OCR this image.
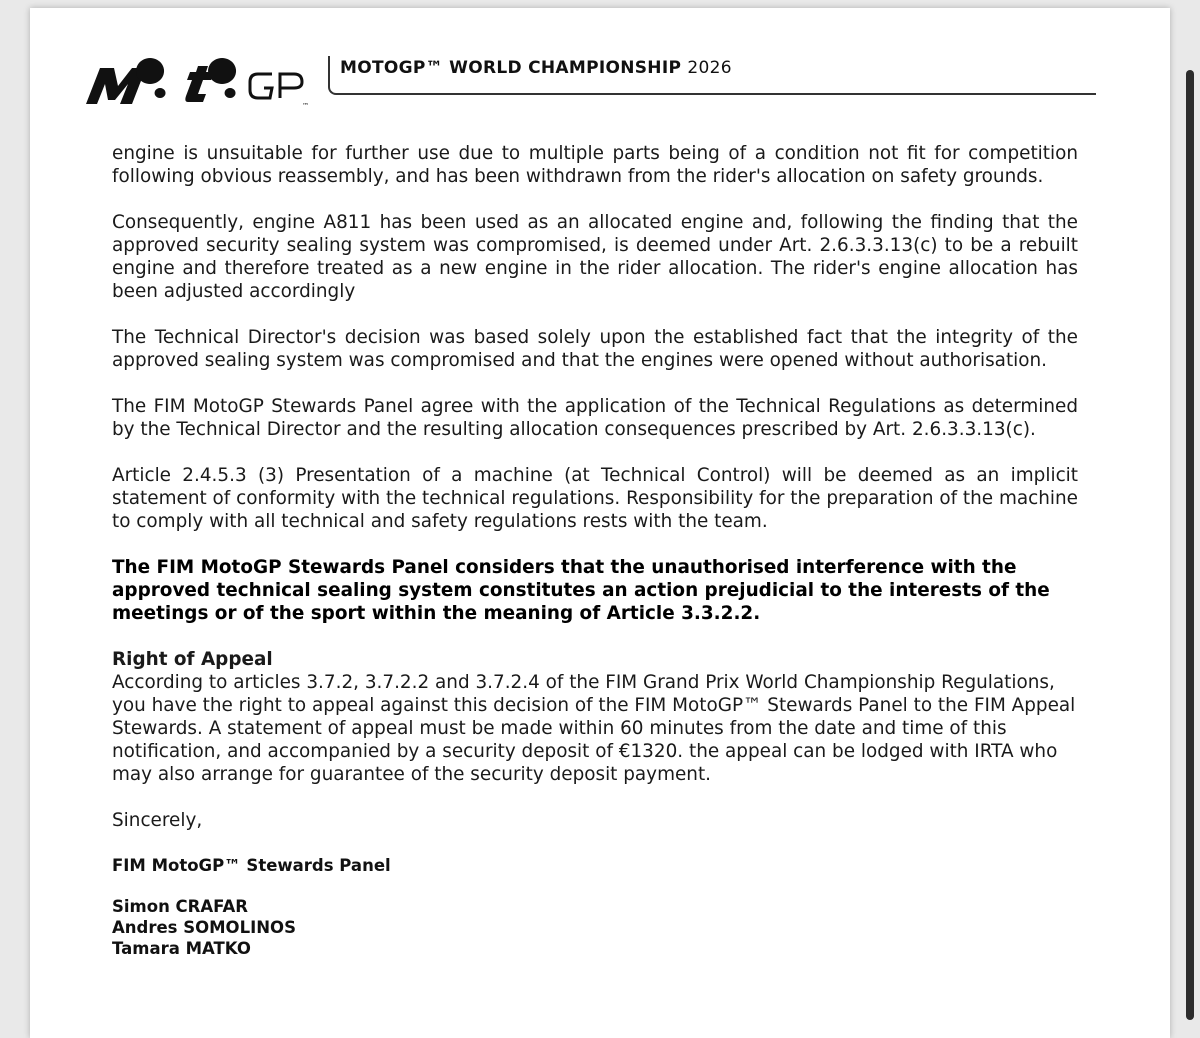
™
MOTOGP™ WORLD CHAMPIONSHIP 2026

engine is unsuitable for further use due to multiple parts being of a condition not fit for competition following obvious reassembly, and has been withdrawn from the rider's allocation on safety grounds.

Consequently, engine A811 has been used as an allocated engine and, following the finding that the approved security sealing system was compromised, is deemed under Art. 2.6.3.3.13(c) to be a rebuilt engine and therefore treated as a new engine in the rider allocation. The rider's engine allocation has been adjusted accordingly

The Technical Director's decision was based solely upon the established fact that the integrity of the approved sealing system was compromised and that the engines were opened without authorisation.

The FIM MotoGP Stewards Panel agree with the application of the Technical Regulations as determined by the Technical Director and the resulting allocation consequences prescribed by Art. 2.6.3.3.13(c).

Article 2.4.5.3 (3) Presentation of a machine (at Technical Control) will be deemed as an implicit statement of conformity with the technical regulations. Responsibility for the preparation of the machine to comply with all technical and safety regulations rests with the team.

The FIM MotoGP Stewards Panel considers that the unauthorised interference with the approved technical sealing system constitutes an action prejudicial to the interests of the meetings or of the sport within the meaning of Article 3.3.2.2.

Right of Appeal
According to articles 3.7.2, 3.7.2.2 and 3.7.2.4 of the FIM Grand Prix World Championship Regulations, you have the right to appeal against this decision of the FIM MotoGP™ Stewards Panel to the FIM Appeal Stewards. A statement of appeal must be made within 60 minutes from the date and time of this notification, and accompanied by a security deposit of €1320. the appeal can be lodged with IRTA who may also arrange for guarantee of the security deposit payment.

Sincerely,

FIM MotoGP™ Stewards Panel
Simon CRAFAR
Andres SOMOLINOS
Tamara MATKO
